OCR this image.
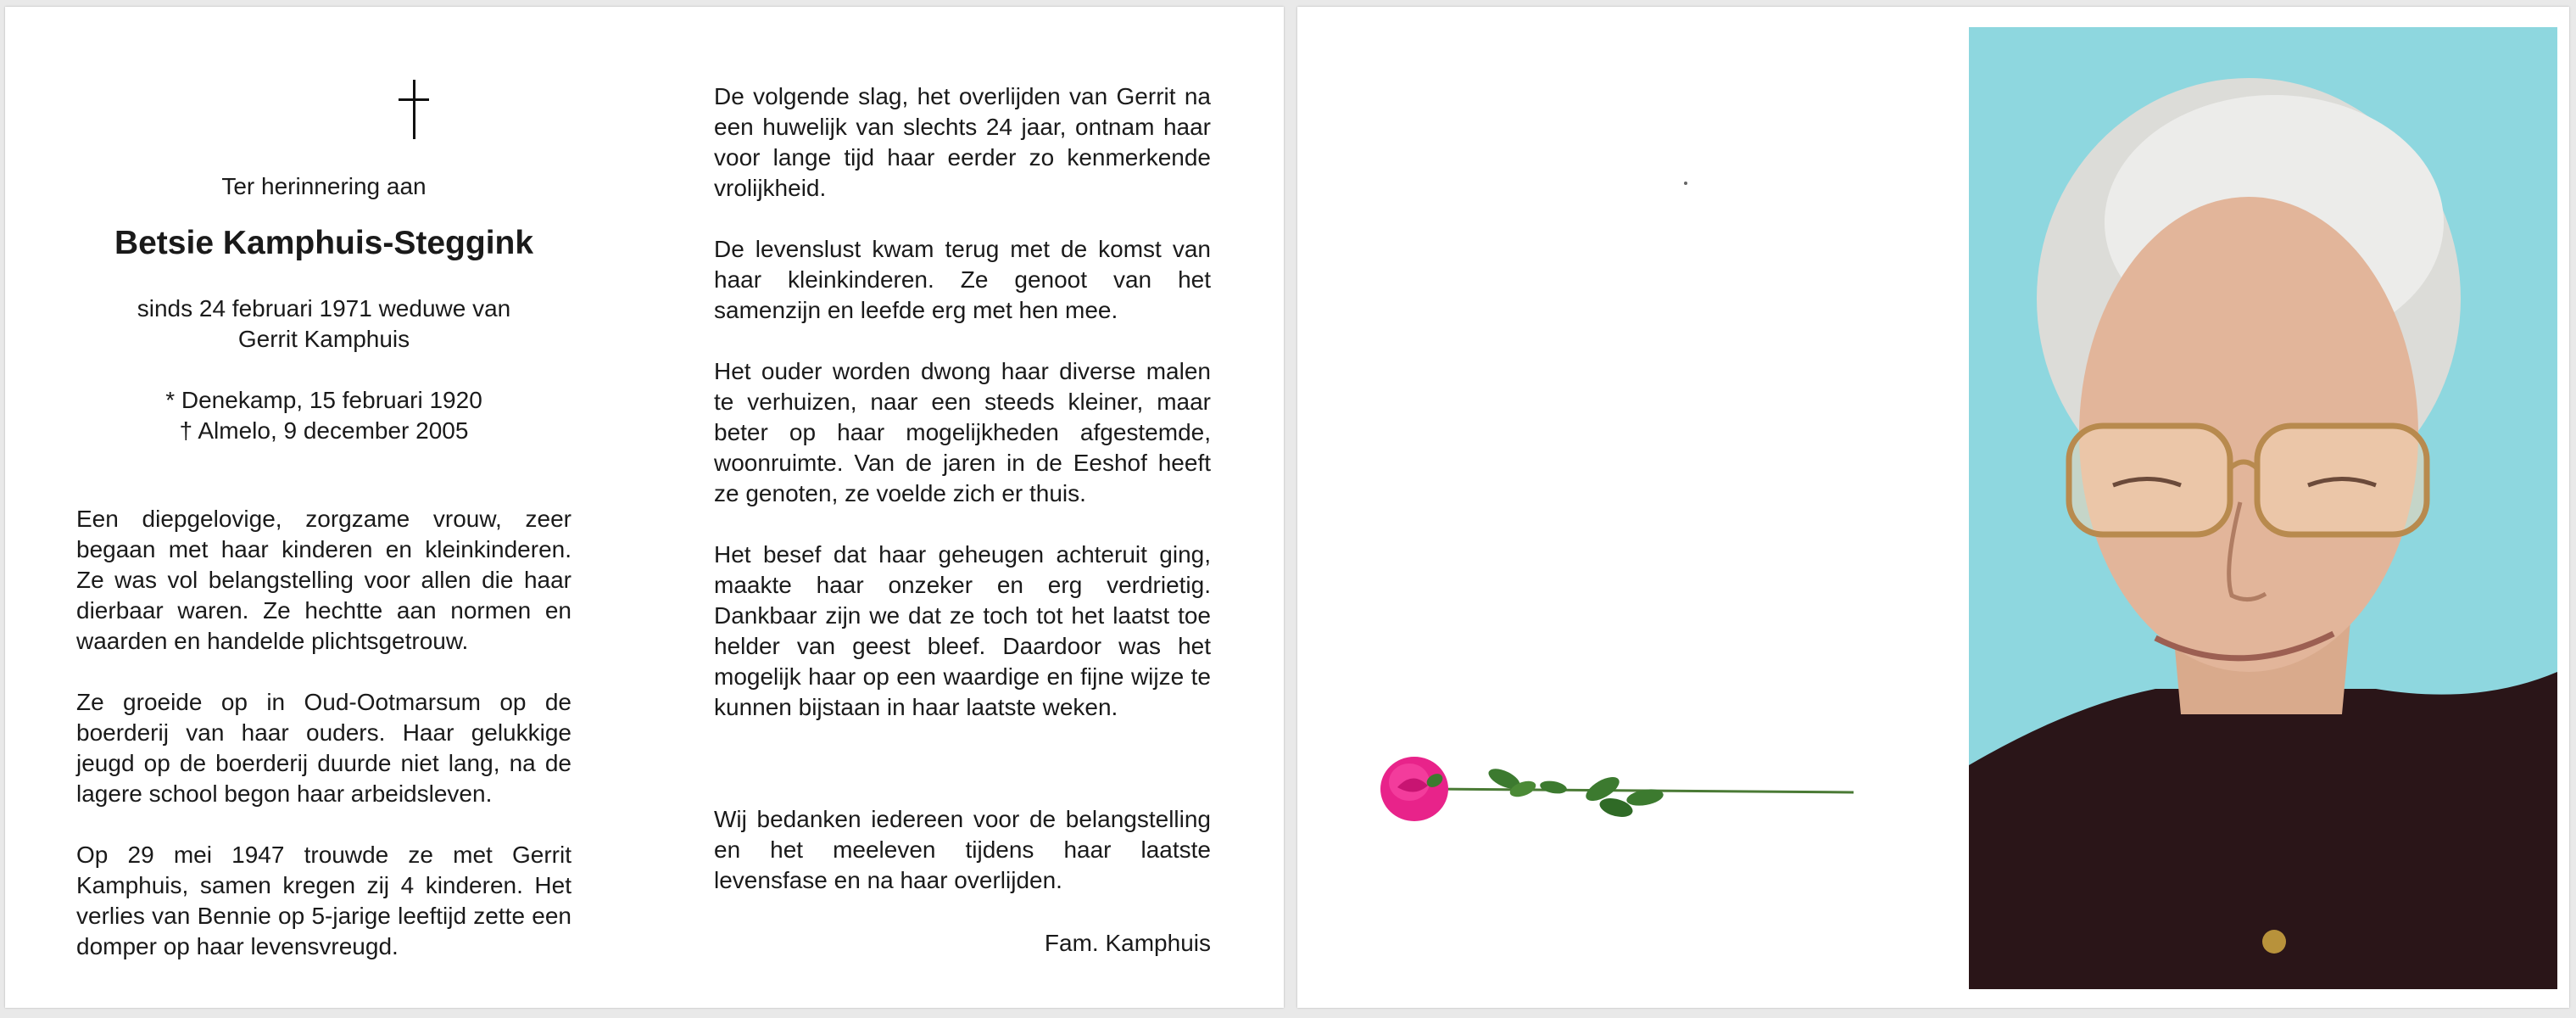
Ter herinnering aan
Betsie Kamphuis-Steggink
sinds 24 februari 1971 weduwe van
Gerrit Kamphuis
* Denekamp, 15 februari 1920
† Almelo, 9 december 2005

Een diepgelovige, zorgzame vrouw, zeer begaan met haar kinderen en kleinkinderen. Ze was vol belangstelling voor allen die haar dierbaar waren. Ze hechtte aan normen en waarden en handelde plichtsgetrouw.

Ze groeide op in Oud-Ootmarsum op de boerderij van haar ouders. Haar gelukkige jeugd op de boerderij duurde niet lang, na de lagere school begon haar arbeidsleven.

Op 29 mei 1947 trouwde ze met Gerrit Kamphuis, samen kregen zij 4 kinderen. Het verlies van Bennie op 5-jarige leeftijd zette een domper op haar levensvreugd.

De volgende slag, het overlijden van Gerrit na een huwelijk van slechts 24 jaar, ontnam haar voor lange tijd haar eerder zo kenmerkende vrolijkheid.

De levenslust kwam terug met de komst van haar kleinkinderen. Ze genoot van het samenzijn en leefde erg met hen mee.

Het ouder worden dwong haar diverse malen te verhuizen, naar een steeds kleiner, maar beter op haar mogelijkheden afgestemde, woonruimte. Van de jaren in de Eeshof heeft ze genoten, ze voelde zich er thuis.

Het besef dat haar geheugen achteruit ging, maakte haar onzeker en erg verdrietig. Dankbaar zijn we dat ze toch tot het laatst toe helder van geest bleef. Daardoor was het mogelijk haar op een waardige en fijne wijze te kunnen bijstaan in haar laatste weken.

Wij bedanken iedereen voor de belangstelling en het meeleven tijdens haar laatste levensfase en na haar overlijden.

Fam. Kamphuis
